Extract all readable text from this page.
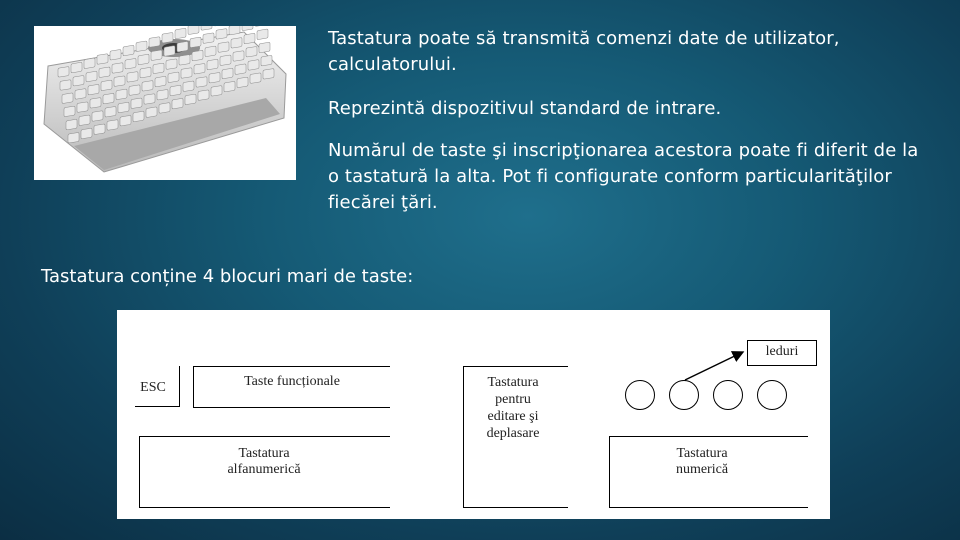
Tastatura poate să transmită comenzi date de utilizator, calculatorului.

Reprezintă dispozitivul standard de intrare.

Numărul de taste şi inscripţionarea acestora poate fi diferit de la o tastatură la alta. Pot fi configurate conform particularităţilor fiecărei ţări.

Tastatura conține 4 blocuri mari de taste:
ESC	Taste funcționale
Tastatura
alfanumerică
Tastatura
pentru
editare şi
deplasare
leduri
Tastatura
numerică
